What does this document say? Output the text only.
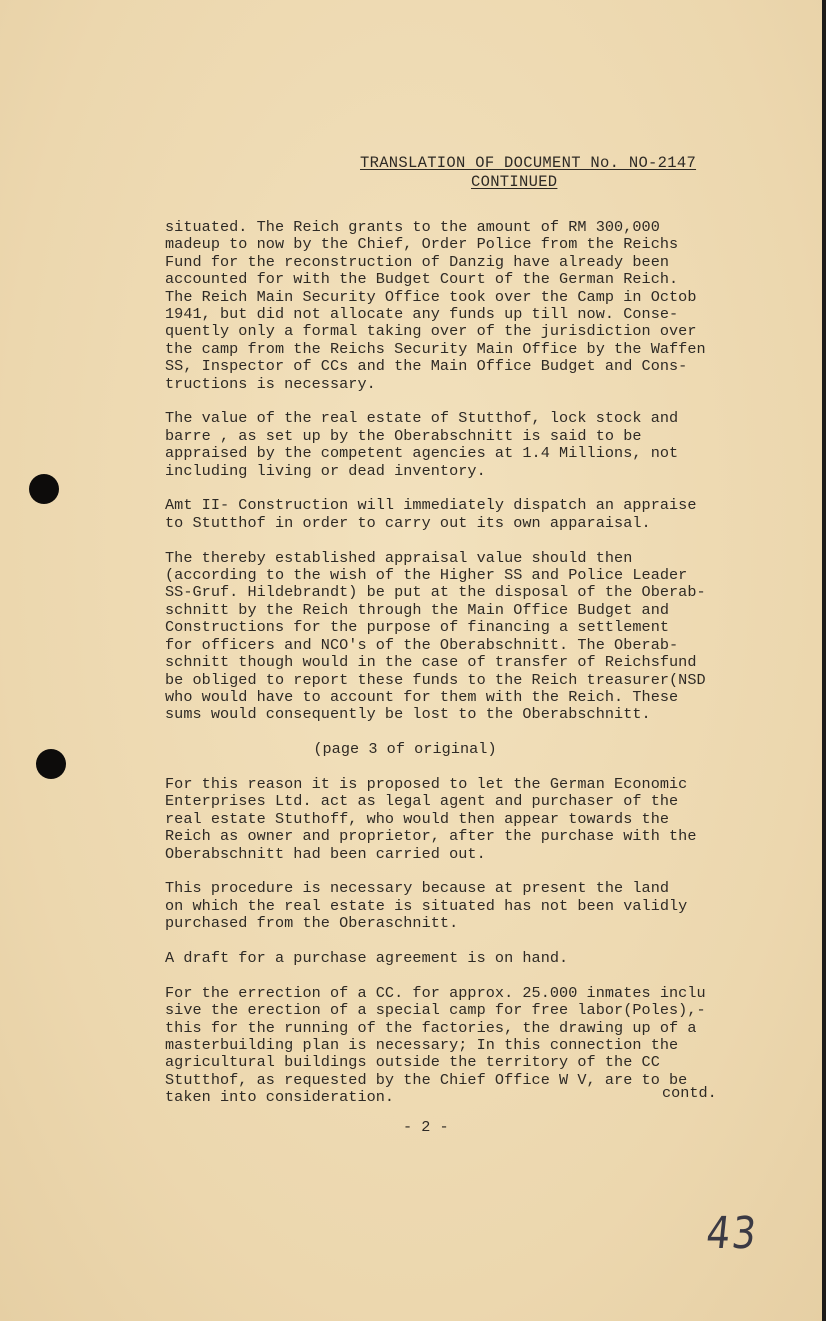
TRANSLATION OF DOCUMENT No. NO-2147
CONTINUED
situated. The Reich grants to the amount of RM 300,000
madeup to now by the Chief, Order Police from the Reichs
Fund for the reconstruction of Danzig have already been
accounted for with the Budget Court of the German Reich.
The Reich Main Security Office took over the Camp in Octob
1941, but did not allocate any funds up till now. Conse-
quently only a formal taking over of the jurisdiction over
the camp from the Reichs Security Main Office by the Waffen
SS, Inspector of CCs and the Main Office Budget and Cons-
tructions is necessary.
The value of the real estate of Stutthof, lock stock and
barre , as set up by the Oberabschnitt is said to be
appraised by the competent agencies at 1.4 Millions, not
including living or dead inventory.
Amt II- Construction will immediately dispatch an appraise
to Stutthof in order to carry out its own apparaisal.
The thereby established appraisal value should then
(according to the wish of the Higher SS and Police Leader
SS-Gruf. Hildebrandt) be put at the disposal of the Oberab-
schnitt by the Reich through the Main Office Budget and
Constructions for the purpose of financing a settlement
for officers and NCO's of the Oberabschnitt. The Oberab-
schnitt though would in the case of transfer of Reichsfund
be obliged to report these funds to the Reich treasurer(NSD
who would have to account for them with the Reich. These
sums would consequently be lost to the Oberabschnitt.
(page 3 of original)
For this reason it is proposed to let the German Economic
Enterprises Ltd. act as legal agent and purchaser of the
real estate Stuthoff, who would then appear towards the
Reich as owner and proprietor, after the purchase with the
Oberabschnitt had been carried out.
This procedure is necessary because at present the land
on which the real estate is situated has not been validly
purchased from the Oberaschnitt.
A draft for a purchase agreement is on hand.
For the errection of a CC. for approx. 25.000 inmates inclu
sive the erection of a special camp for free labor(Poles),-
this for the running of the factories, the drawing up of a
masterbuilding plan is necessary; In this connection the
agricultural buildings outside the territory of the CC
Stutthof, as requested by the Chief Office W V, are to be
taken into consideration.	contd.
- 2 -
43
